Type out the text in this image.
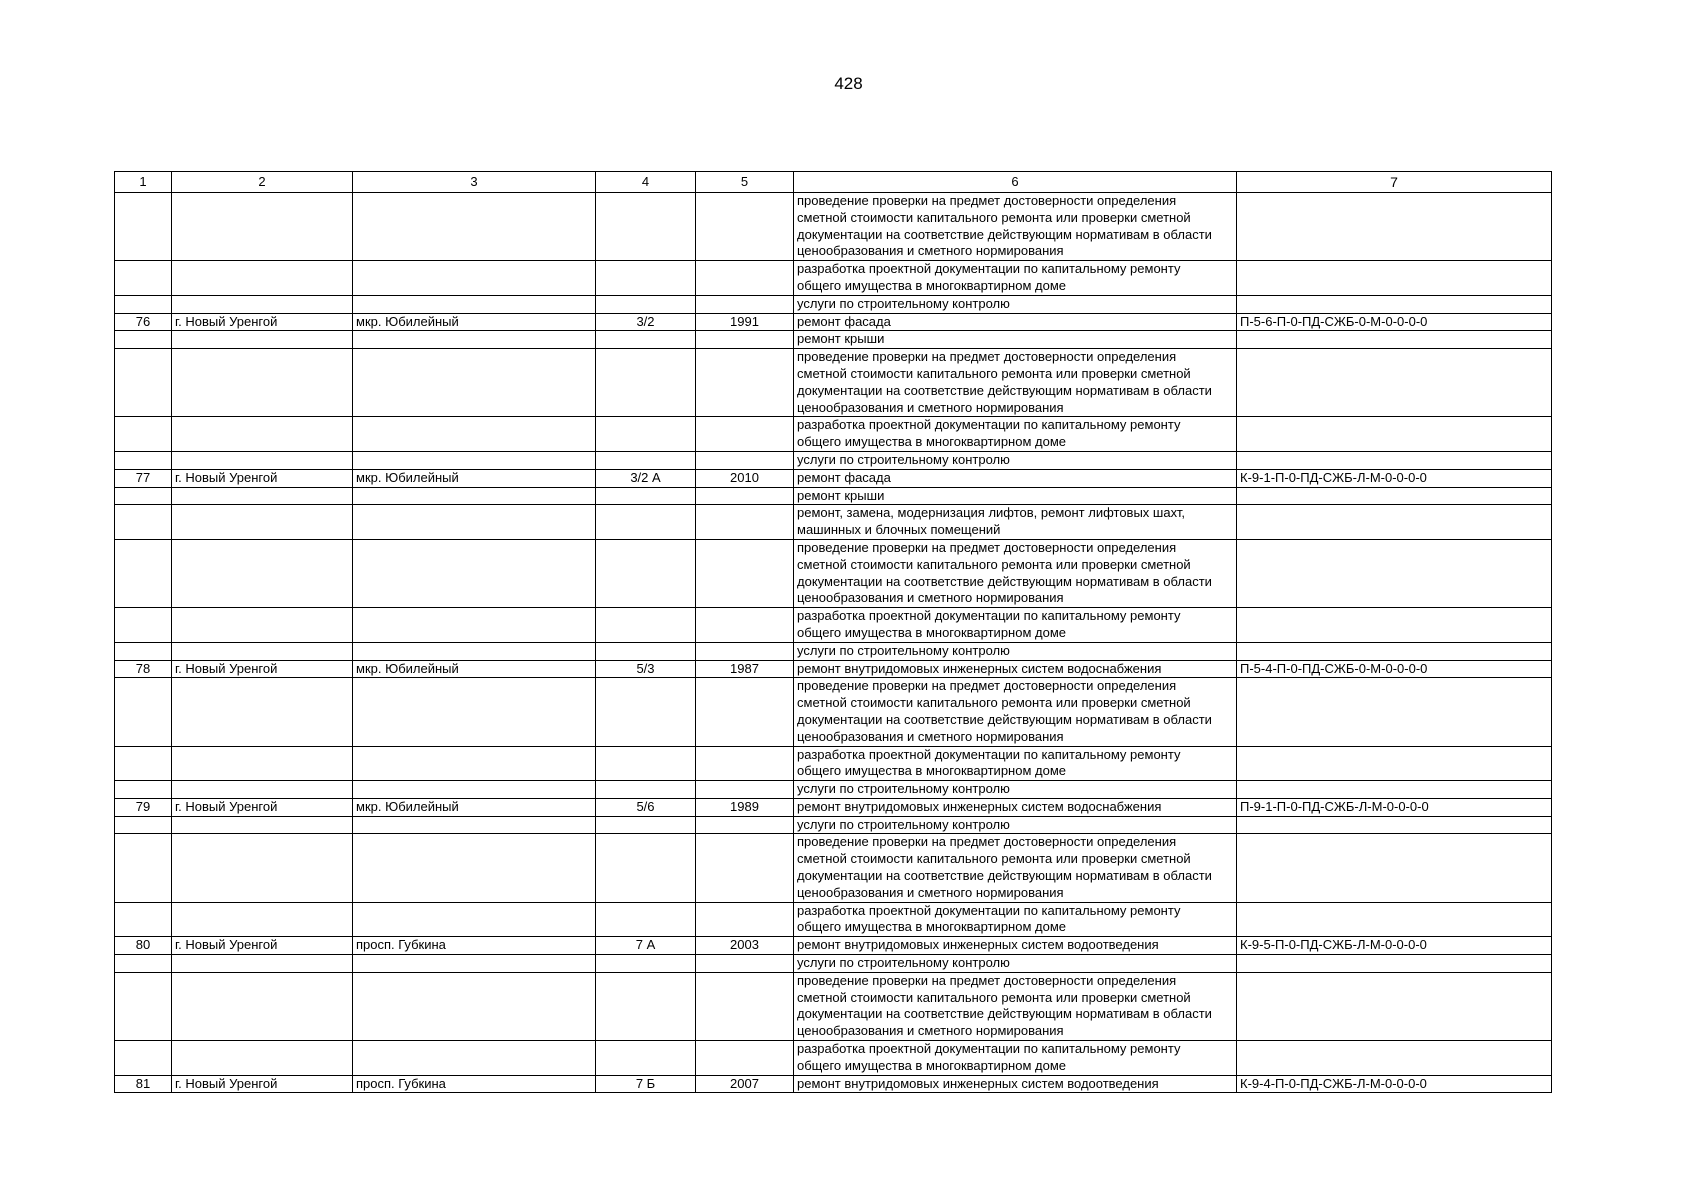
428
1	2	3	4	5	6	7
					проведение проверки на предмет достоверности определения
сметной стоимости капитального ремонта или проверки сметной
документации на соответствие действующим нормативам в области
ценообразования и сметного нормирования	
					разработка проектной документации по капитальному ремонту
общего имущества в многоквартирном доме	
					услуги по строительному контролю	
76	г. Новый Уренгой	мкр. Юбилейный	3/2	1991	ремонт фасада	П-5-6-П-0-ПД-СЖБ-0-М-0-0-0-0
					ремонт крыши	
					проведение проверки на предмет достоверности определения
сметной стоимости капитального ремонта или проверки сметной
документации на соответствие действующим нормативам в области
ценообразования и сметного нормирования	
					разработка проектной документации по капитальному ремонту
общего имущества в многоквартирном доме	
					услуги по строительному контролю	
77	г. Новый Уренгой	мкр. Юбилейный	3/2 А	2010	ремонт фасада	К-9-1-П-0-ПД-СЖБ-Л-М-0-0-0-0
					ремонт крыши	
					ремонт, замена, модернизация лифтов, ремонт лифтовых шахт,
машинных и блочных помещений	
					проведение проверки на предмет достоверности определения
сметной стоимости капитального ремонта или проверки сметной
документации на соответствие действующим нормативам в области
ценообразования и сметного нормирования	
					разработка проектной документации по капитальному ремонту
общего имущества в многоквартирном доме	
					услуги по строительному контролю	
78	г. Новый Уренгой	мкр. Юбилейный	5/3	1987	ремонт внутридомовых инженерных систем водоснабжения	П-5-4-П-0-ПД-СЖБ-0-М-0-0-0-0
					проведение проверки на предмет достоверности определения
сметной стоимости капитального ремонта или проверки сметной
документации на соответствие действующим нормативам в области
ценообразования и сметного нормирования	
					разработка проектной документации по капитальному ремонту
общего имущества в многоквартирном доме	
					услуги по строительному контролю	
79	г. Новый Уренгой	мкр. Юбилейный	5/6	1989	ремонт внутридомовых инженерных систем водоснабжения	П-9-1-П-0-ПД-СЖБ-Л-М-0-0-0-0
					услуги по строительному контролю	
					проведение проверки на предмет достоверности определения
сметной стоимости капитального ремонта или проверки сметной
документации на соответствие действующим нормативам в области
ценообразования и сметного нормирования	
					разработка проектной документации по капитальному ремонту
общего имущества в многоквартирном доме	
80	г. Новый Уренгой	просп. Губкина	7 А	2003	ремонт внутридомовых инженерных систем водоотведения	К-9-5-П-0-ПД-СЖБ-Л-М-0-0-0-0
					услуги по строительному контролю	
					проведение проверки на предмет достоверности определения
сметной стоимости капитального ремонта или проверки сметной
документации на соответствие действующим нормативам в области
ценообразования и сметного нормирования	
					разработка проектной документации по капитальному ремонту
общего имущества в многоквартирном доме	
81	г. Новый Уренгой	просп. Губкина	7 Б	2007	ремонт внутридомовых инженерных систем водоотведения	К-9-4-П-0-ПД-СЖБ-Л-М-0-0-0-0
